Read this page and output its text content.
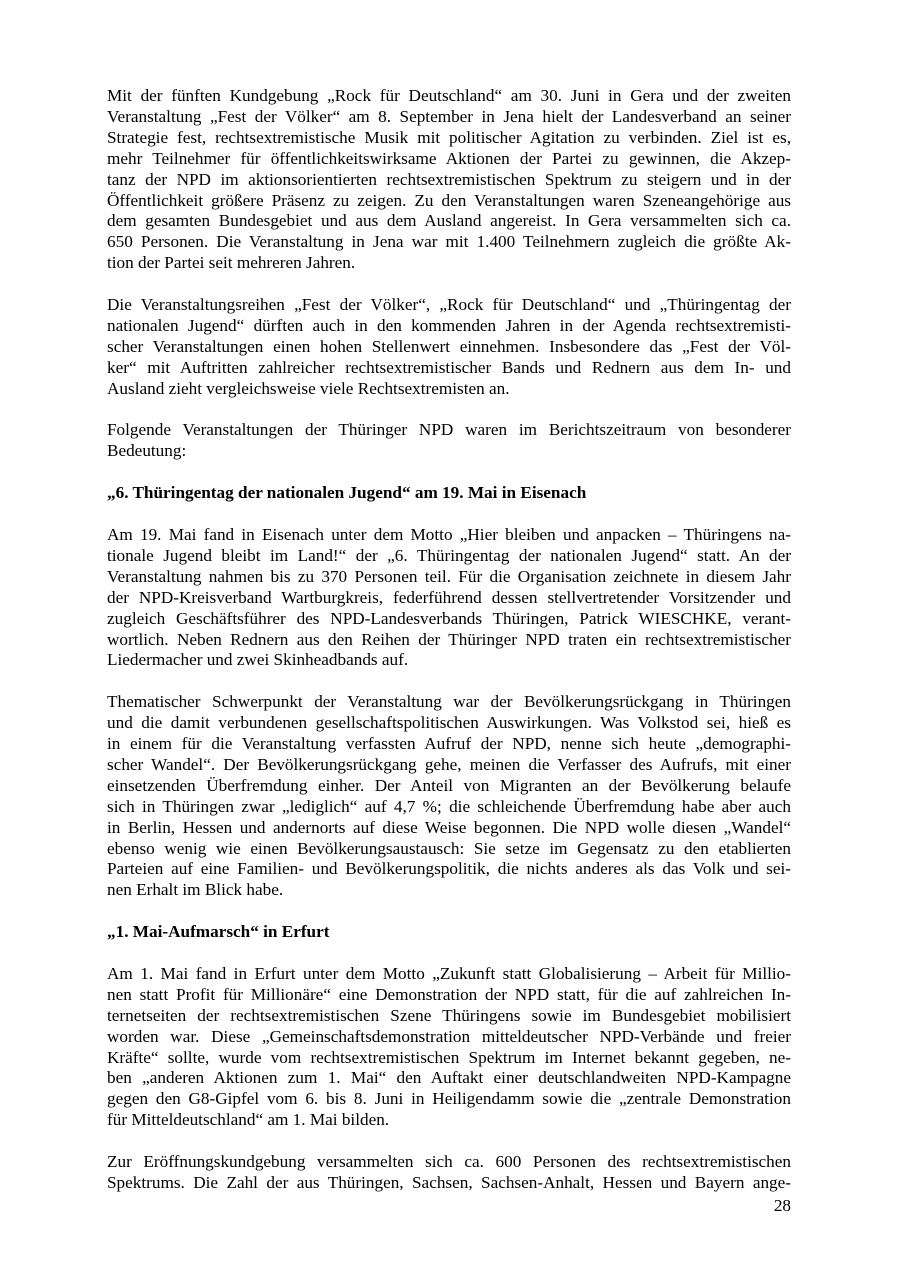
Mit der fünften Kundgebung „Rock für Deutschland“ am 30. Juni in Gera und der zweiten
Veranstaltung „Fest der Völker“ am 8. September in Jena hielt der Landesverband an seiner
Strategie fest, rechtsextremistische Musik mit politischer Agitation zu verbinden. Ziel ist es,
mehr Teilnehmer für öffentlichkeitswirksame Aktionen der Partei zu gewinnen, die Akzep-
tanz der NPD im aktionsorientierten rechtsextremistischen Spektrum zu steigern und in der
Öffentlichkeit größere Präsenz zu zeigen. Zu den Veranstaltungen waren Szeneangehörige aus
dem gesamten Bundesgebiet und aus dem Ausland angereist. In Gera versammelten sich ca.
650 Personen. Die Veranstaltung in Jena war mit 1.400 Teilnehmern zugleich die größte Ak-
tion der Partei seit mehreren Jahren.

Die Veranstaltungsreihen „Fest der Völker“, „Rock für Deutschland“ und „Thüringentag der
nationalen Jugend“ dürften auch in den kommenden Jahren in der Agenda rechtsextremisti-
scher Veranstaltungen einen hohen Stellenwert einnehmen. Insbesondere das „Fest der Völ-
ker“ mit Auftritten zahlreicher rechtsextremistischer Bands und Rednern aus dem In- und
Ausland zieht vergleichsweise viele Rechtsextremisten an.

Folgende Veranstaltungen der Thüringer NPD waren im Berichtszeitraum von besonderer
Bedeutung:

„6. Thüringentag der nationalen Jugend“ am 19. Mai in Eisenach

Am 19. Mai fand in Eisenach unter dem Motto „Hier bleiben und anpacken – Thüringens na-
tionale Jugend bleibt im Land!“ der „6. Thüringentag der nationalen Jugend“ statt. An der
Veranstaltung nahmen bis zu 370 Personen teil. Für die Organisation zeichnete in diesem Jahr
der NPD-Kreisverband Wartburgkreis, federführend dessen stellvertretender Vorsitzender und
zugleich Geschäftsführer des NPD-Landesverbands Thüringen, Patrick WIESCHKE, verant-
wortlich. Neben Rednern aus den Reihen der Thüringer NPD traten ein rechtsextremistischer
Liedermacher und zwei Skinheadbands auf.

Thematischer Schwerpunkt der Veranstaltung war der Bevölkerungsrückgang in Thüringen
und die damit verbundenen gesellschaftspolitischen Auswirkungen. Was Volkstod sei, hieß es
in einem für die Veranstaltung verfassten Aufruf der NPD, nenne sich heute „demographi-
scher Wandel“. Der Bevölkerungsrückgang gehe, meinen die Verfasser des Aufrufs, mit einer
einsetzenden Überfremdung einher. Der Anteil von Migranten an der Bevölkerung belaufe
sich in Thüringen zwar „lediglich“ auf 4,7 %; die schleichende Überfremdung habe aber auch
in Berlin, Hessen und andernorts auf diese Weise begonnen. Die NPD wolle diesen „Wandel“
ebenso wenig wie einen Bevölkerungsaustausch: Sie setze im Gegensatz zu den etablierten
Parteien auf eine Familien- und Bevölkerungspolitik, die nichts anderes als das Volk und sei-
nen Erhalt im Blick habe.

„1. Mai-Aufmarsch“ in Erfurt

Am 1. Mai fand in Erfurt unter dem Motto „Zukunft statt Globalisierung – Arbeit für Millio-
nen statt Profit für Millionäre“ eine Demonstration der NPD statt, für die auf zahlreichen In-
ternetseiten der rechtsextremistischen Szene Thüringens sowie im Bundesgebiet mobilisiert
worden war. Diese „Gemeinschaftsdemonstration mitteldeutscher NPD-Verbände und freier
Kräfte“ sollte, wurde vom rechtsextremistischen Spektrum im Internet bekannt gegeben, ne-
ben „anderen Aktionen zum 1. Mai“ den Auftakt einer deutschlandweiten NPD-Kampagne
gegen den G8-Gipfel vom 6. bis 8. Juni in Heiligendamm sowie die „zentrale Demonstration
für Mitteldeutschland“ am 1. Mai bilden.

Zur Eröffnungskundgebung versammelten sich ca. 600 Personen des rechtsextremistischen
Spektrums. Die Zahl der aus Thüringen, Sachsen, Sachsen-Anhalt, Hessen und Bayern ange-

28
